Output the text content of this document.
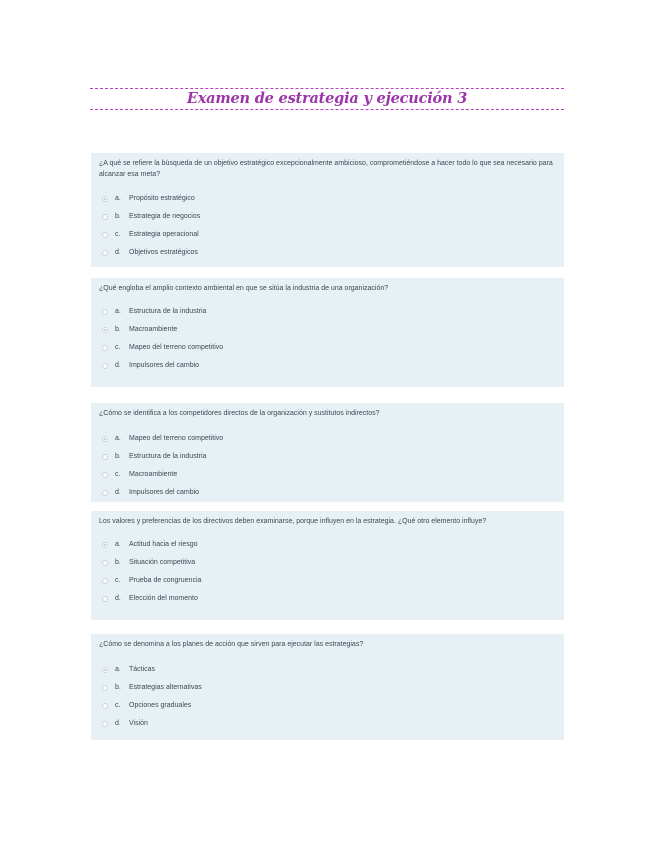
Examen de estrategia y ejecución 3
¿A qué se refiere la búsqueda de un objetivo estratégico excepcionalmente ambicioso, comprometiéndose a hacer todo lo que sea necesario para alcanzar esa meta?
a. Propósito estratégico
b. Estrategia de negocios
c. Estrategia operacional
d. Objetivos estratégicos
¿Qué engloba el amplio contexto ambiental en que se sitúa la industria de una organización?
a. Estructura de la industria
b. Macroambiente
c. Mapeo del terreno competitivo
d. Impulsores del cambio
¿Cómo se identifica a los competidores directos de la organización y sustitutos indirectos?
a. Mapeo del terreno competitivo
b. Estructura de la industria
c. Macroambiente
d. Impulsores del cambio
Los valores y preferencias de los directivos deben examinarse, porque influyen en la estrategia. ¿Qué otro elemento influye?
a. Actitud hacia el riesgo
b. Situación competitiva
c. Prueba de congruencia
d. Elección del momento
¿Cómo se denomina a los planes de acción que sirven para ejecutar las estrategias?
a. Tácticas
b. Estrategias alternativas
c. Opciones graduales
d. Visión
